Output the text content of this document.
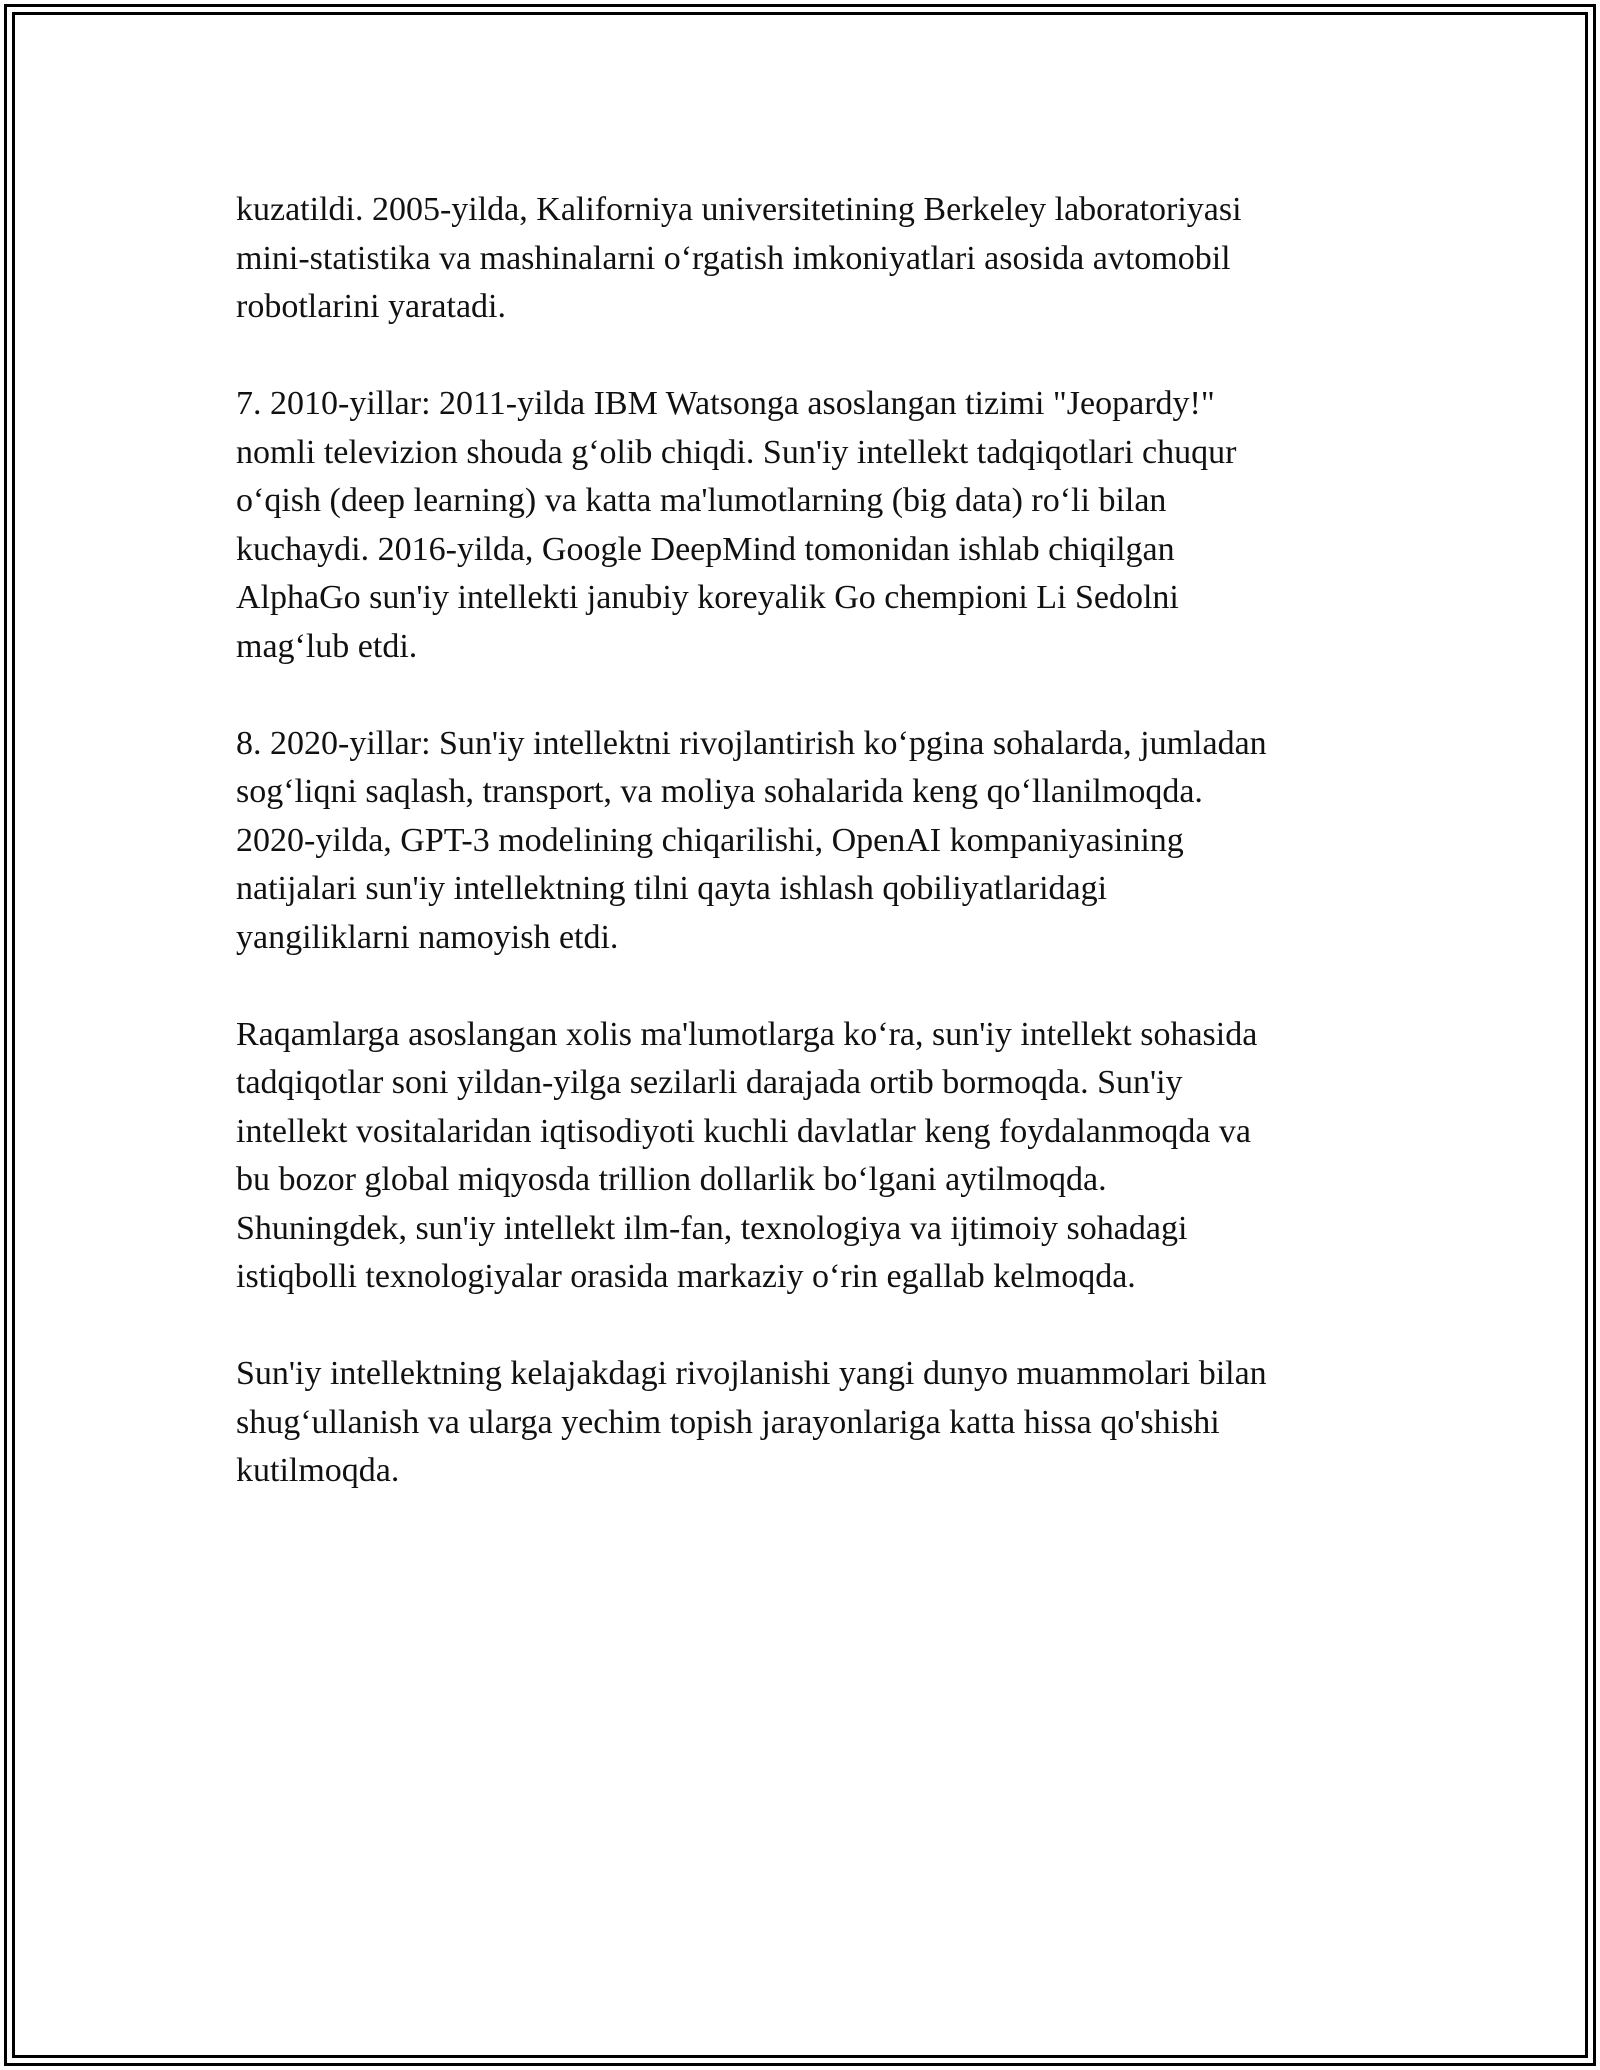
kuzatildi. 2005-yilda, Kaliforniya universitetining Berkeley laboratoriyasi
mini-statistika va mashinalarni o‘rgatish imkoniyatlari asosida avtomobil
robotlarini yaratadi.

7. 2010-yillar: 2011-yilda IBM Watsonga asoslangan tizimi "Jeopardy!"
nomli televizion shouda g‘olib chiqdi. Sun'iy intellekt tadqiqotlari chuqur
o‘qish (deep learning) va katta ma'lumotlarning (big data) ro‘li bilan
kuchaydi. 2016-yilda, Google DeepMind tomonidan ishlab chiqilgan
AlphaGo sun'iy intellekti janubiy koreyalik Go chempioni Li Sedolni
mag‘lub etdi.

8. 2020-yillar: Sun'iy intellektni rivojlantirish ko‘pgina sohalarda, jumladan
sog‘liqni saqlash, transport, va moliya sohalarida keng qo‘llanilmoqda.
2020-yilda, GPT-3 modelining chiqarilishi, OpenAI kompaniyasining
natijalari sun'iy intellektning tilni qayta ishlash qobiliyatlaridagi
yangiliklarni namoyish etdi.

Raqamlarga asoslangan xolis ma'lumotlarga ko‘ra, sun'iy intellekt sohasida
tadqiqotlar soni yildan-yilga sezilarli darajada ortib bormoqda. Sun'iy
intellekt vositalaridan iqtisodiyoti kuchli davlatlar keng foydalanmoqda va
bu bozor global miqyosda trillion dollarlik bo‘lgani aytilmoqda.
Shuningdek, sun'iy intellekt ilm-fan, texnologiya va ijtimoiy sohadagi
istiqbolli texnologiyalar orasida markaziy o‘rin egallab kelmoqda.

Sun'iy intellektning kelajakdagi rivojlanishi yangi dunyo muammolari bilan
shug‘ullanish va ularga yechim topish jarayonlariga katta hissa qo'shishi
kutilmoqda.
